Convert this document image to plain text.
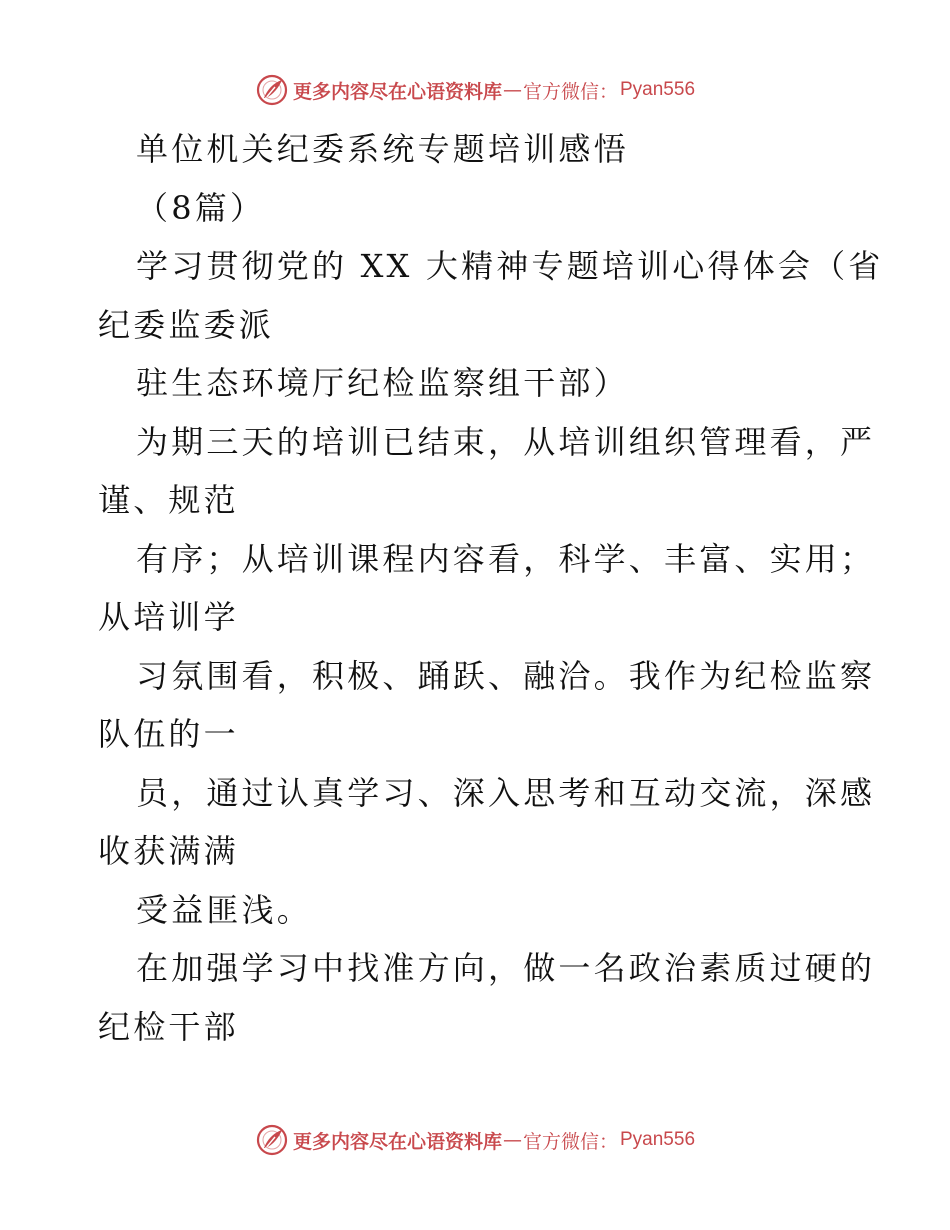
更多内容尽在心语资料库 — 官方微信： Pyan556
单位机关纪委系统专题培训感悟
（8篇）
学习贯彻党的 XX 大精神专题培训心得体会（省
纪委监委派
驻生态环境厅纪检监察组干部）
为期三天的培训已结束，从培训组织管理看，严
谨、规范
有序；从培训课程内容看，科学、丰富、实用；
从培训学
习氛围看，积极、踊跃、融洽。我作为纪检监察
队伍的一
员，通过认真学习、深入思考和互动交流，深感
收获满满
受益匪浅。
在加强学习中找准方向，做一名政治素质过硬的
纪检干部
更多内容尽在心语资料库 — 官方微信： Pyan556
